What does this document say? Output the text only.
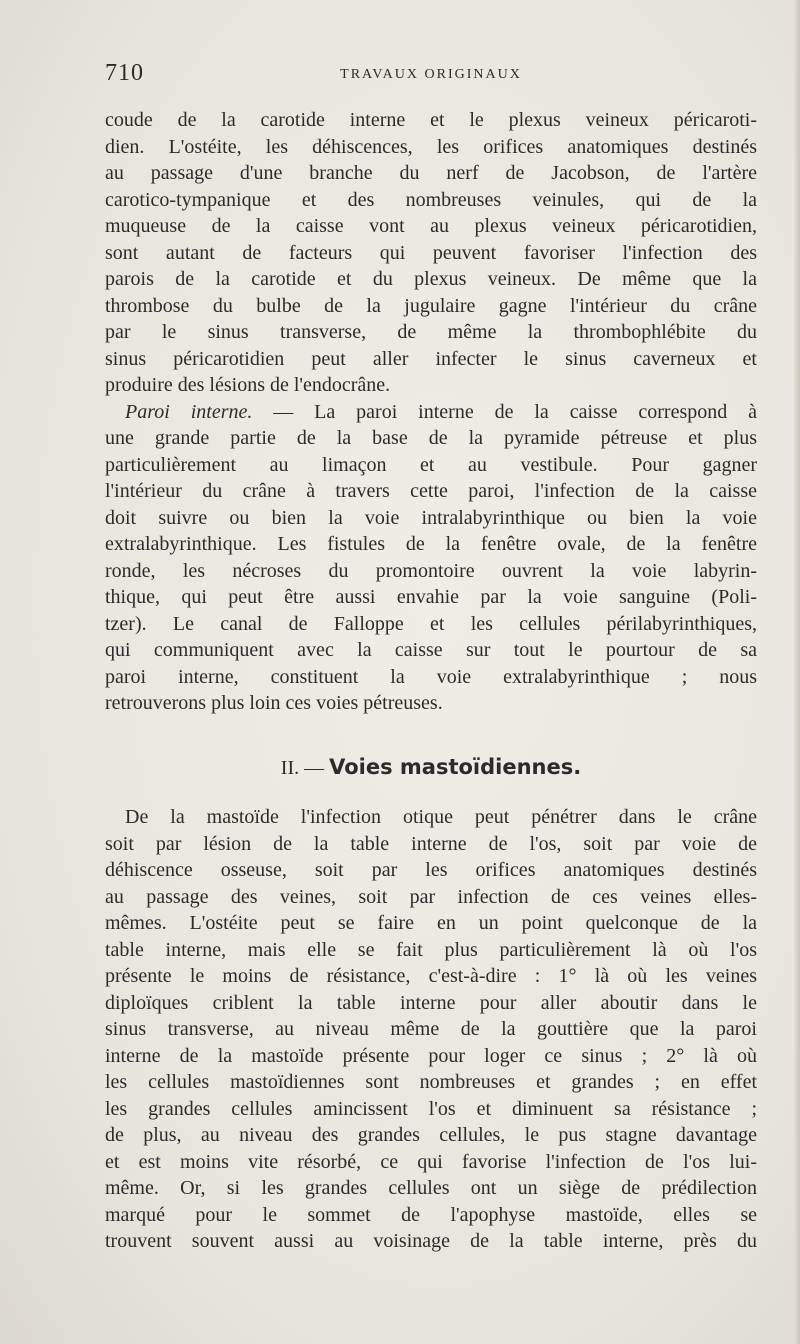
710	TRAVAUX ORIGINAUX
coude de la carotide interne et le plexus veineux péricaroti-
dien. L'ostéite, les déhiscences, les orifices anatomiques destinés
au passage d'une branche du nerf de Jacobson, de l'artère
carotico-tympanique et des nombreuses veinules, qui de la
muqueuse de la caisse vont au plexus veineux péricarotidien,
sont autant de facteurs qui peuvent favoriser l'infection des
parois de la carotide et du plexus veineux. De même que la
thrombose du bulbe de la jugulaire gagne l'intérieur du crâne
par le sinus transverse, de même la thrombophlébite du
sinus péricarotidien peut aller infecter le sinus caverneux et
produire des lésions de l'endocrâne.
Paroi interne. — La paroi interne de la caisse correspond à
une grande partie de la base de la pyramide pétreuse et plus
particulièrement au limaçon et au vestibule. Pour gagner
l'intérieur du crâne à travers cette paroi, l'infection de la caisse
doit suivre ou bien la voie intralabyrinthique ou bien la voie
extralabyrinthique. Les fistules de la fenêtre ovale, de la fenêtre
ronde, les nécroses du promontoire ouvrent la voie labyrin-
thique, qui peut être aussi envahie par la voie sanguine (Poli-
tzer). Le canal de Falloppe et les cellules périlabyrinthiques,
qui communiquent avec la caisse sur tout le pourtour de sa
paroi interne, constituent la voie extralabyrinthique ; nous
retrouverons plus loin ces voies pétreuses.
II. — Voies mastoïdiennes.
De la mastoïde l'infection otique peut pénétrer dans le crâne
soit par lésion de la table interne de l'os, soit par voie de
déhiscence osseuse, soit par les orifices anatomiques destinés
au passage des veines, soit par infection de ces veines elles-
mêmes. L'ostéite peut se faire en un point quelconque de la
table interne, mais elle se fait plus particulièrement là où l'os
présente le moins de résistance, c'est-à-dire : 1° là où les veines
diploïques criblent la table interne pour aller aboutir dans le
sinus transverse, au niveau même de la gouttière que la paroi
interne de la mastoïde présente pour loger ce sinus ; 2° là où
les cellules mastoïdiennes sont nombreuses et grandes ; en effet
les grandes cellules amincissent l'os et diminuent sa résistance ;
de plus, au niveau des grandes cellules, le pus stagne davantage
et est moins vite résorbé, ce qui favorise l'infection de l'os lui-
même. Or, si les grandes cellules ont un siège de prédilection
marqué pour le sommet de l'apophyse mastoïde, elles se
trouvent souvent aussi au voisinage de la table interne, près du
